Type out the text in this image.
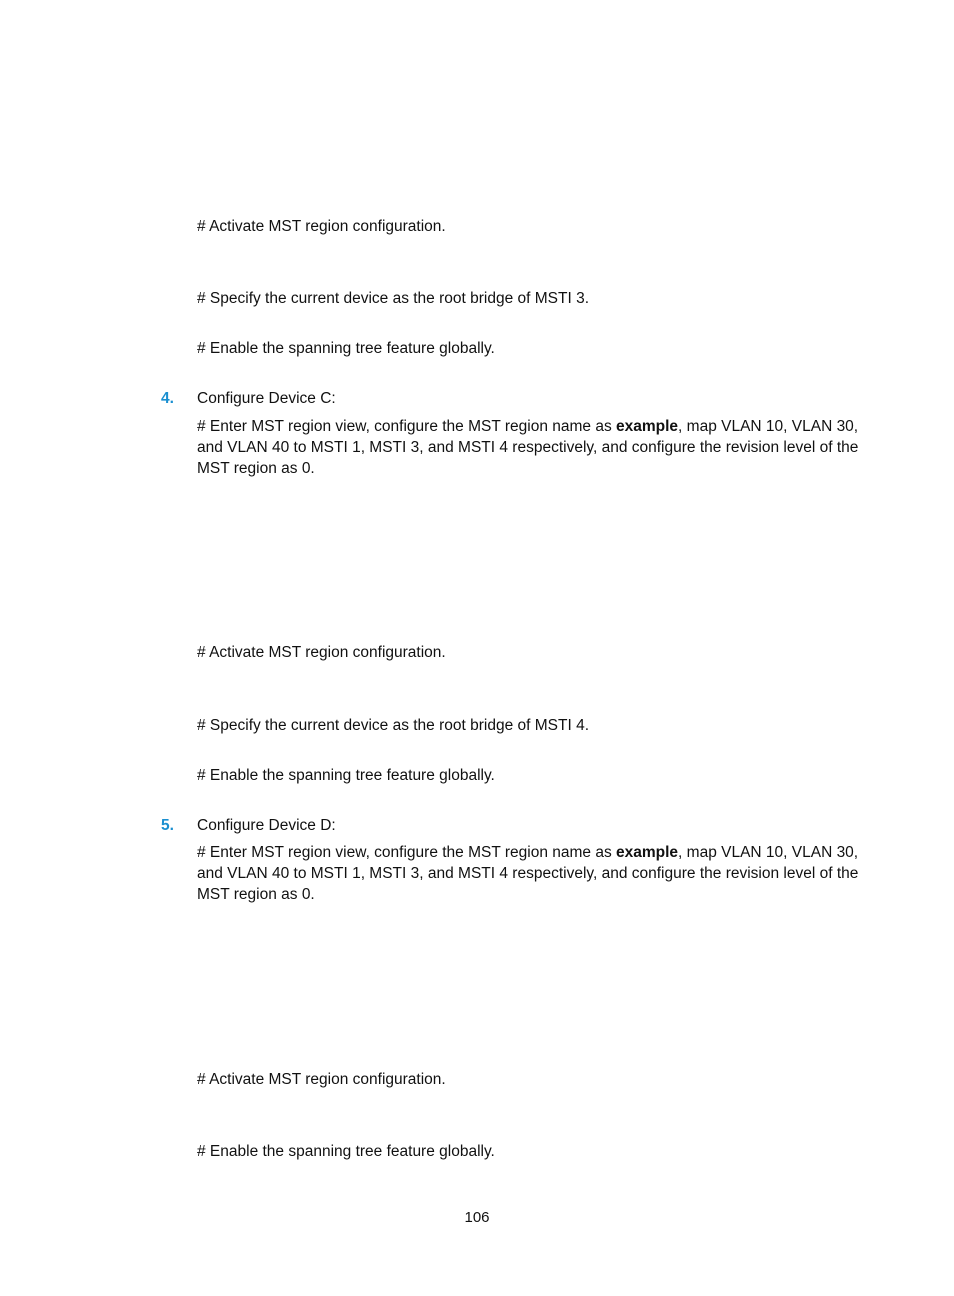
# Activate MST region configuration.
# Specify the current device as the root bridge of MSTI 3.
# Enable the spanning tree feature globally.
4. Configure Device C:
# Enter MST region view, configure the MST region name as example, map VLAN 10, VLAN 30, and VLAN 40 to MSTI 1, MSTI 3, and MSTI 4 respectively, and configure the revision level of the MST region as 0.
# Activate MST region configuration.
# Specify the current device as the root bridge of MSTI 4.
# Enable the spanning tree feature globally.
5. Configure Device D:
# Enter MST region view, configure the MST region name as example, map VLAN 10, VLAN 30, and VLAN 40 to MSTI 1, MSTI 3, and MSTI 4 respectively, and configure the revision level of the MST region as 0.
# Activate MST region configuration.
# Enable the spanning tree feature globally.
106
